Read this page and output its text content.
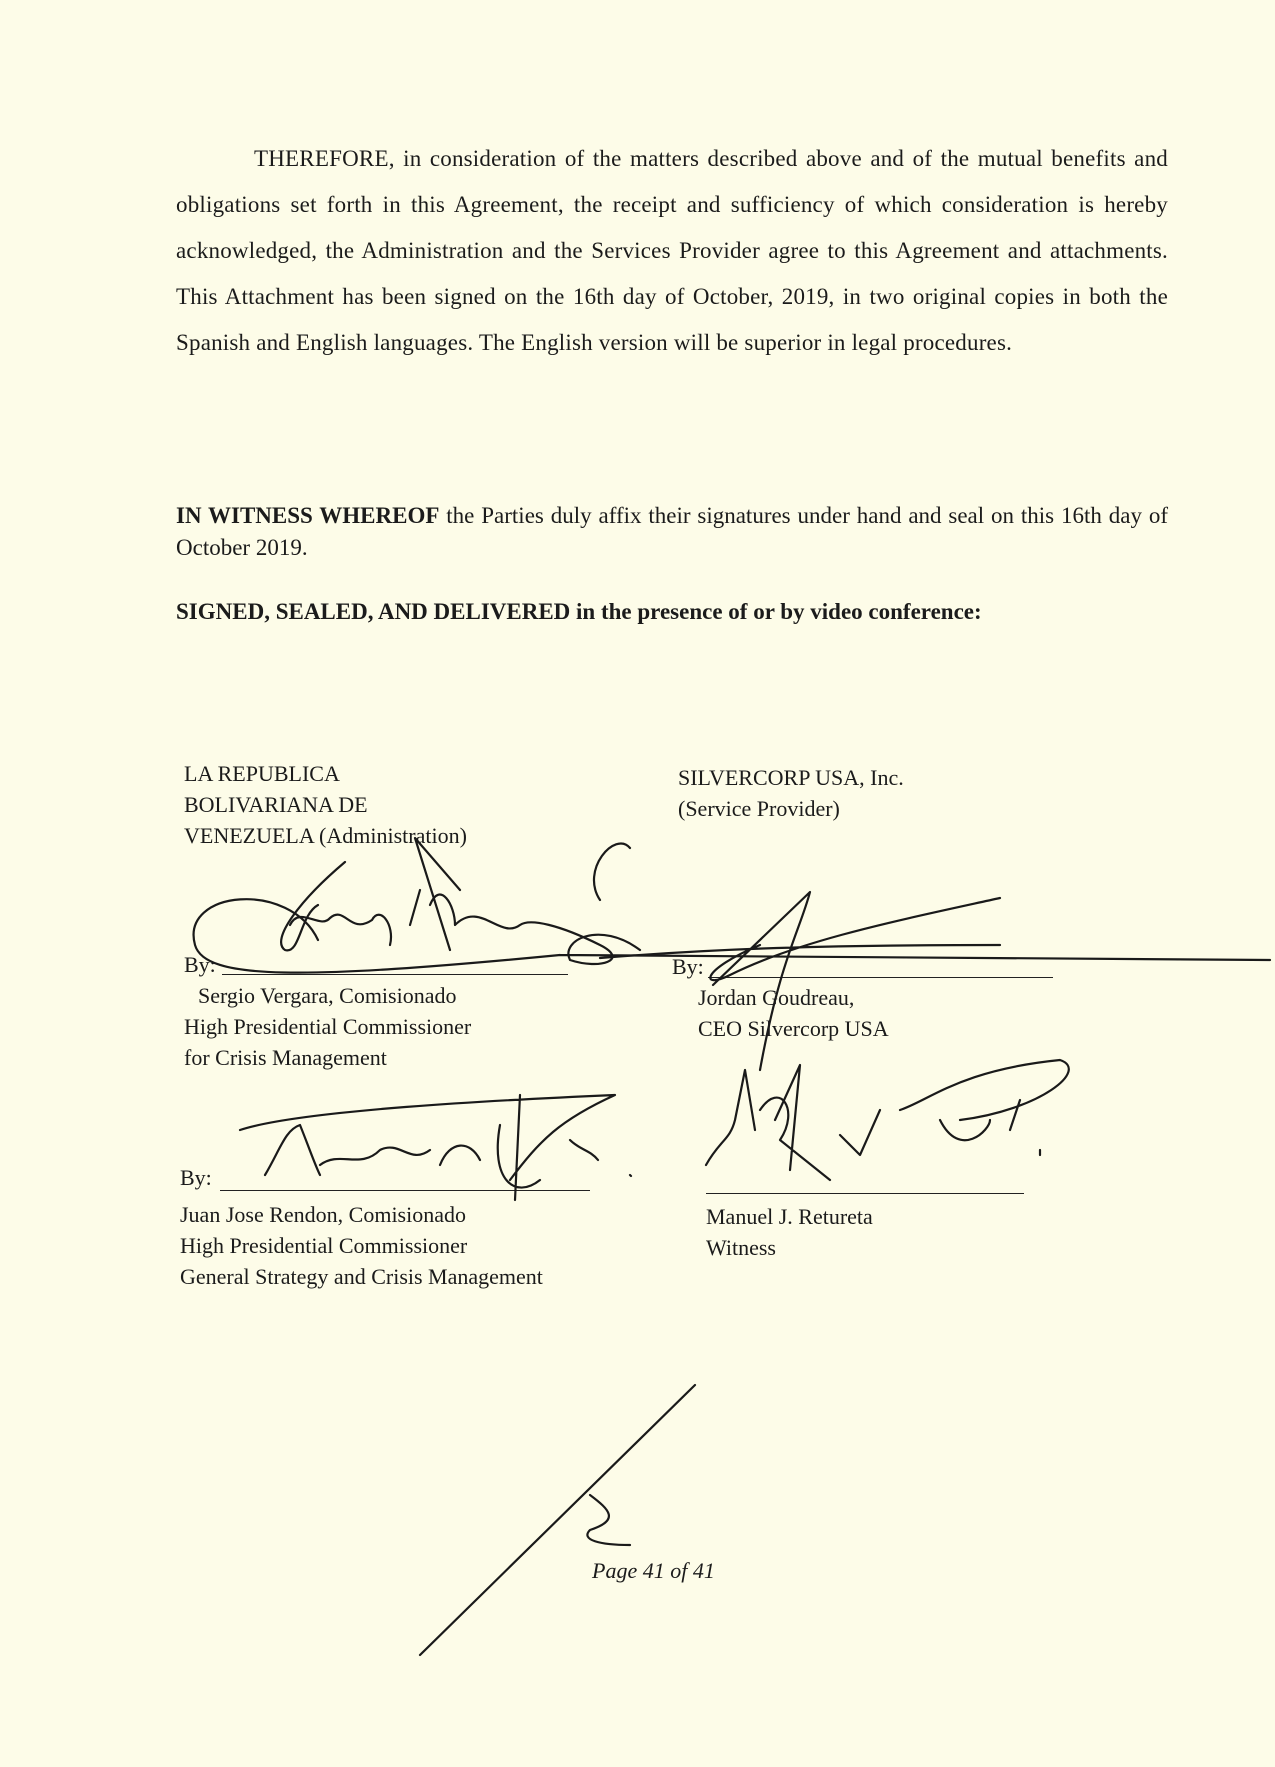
THEREFORE, in consideration of the matters described above and of the mutual benefits and obligations set forth in this Agreement, the receipt and sufficiency of which consideration is hereby acknowledged, the Administration and the Services Provider agree to this Agreement and attachments. This Attachment has been signed on the 16th day of October, 2019, in two original copies in both the Spanish and English languages. The English version will be superior in legal procedures.

IN WITNESS WHEREOF the Parties duly affix their signatures under hand and seal on this 16th day of October 2019.

SIGNED, SEALED, AND DELIVERED in the presence of or by video conference:

LA REPUBLICA
BOLIVARIANA DE
VENEZUELA (Administration)
SILVERCORP USA, Inc.
(Service Provider)
By:
Sergio Vergara, Comisionado
High Presidential Commissioner
for Crisis Management
By:
Jordan Goudreau,
CEO Silvercorp USA
By:
Juan Jose Rendon, Comisionado
High Presidential Commissioner
General Strategy and Crisis Management
Manuel J. Retureta
Witness
Page 41 of 41
